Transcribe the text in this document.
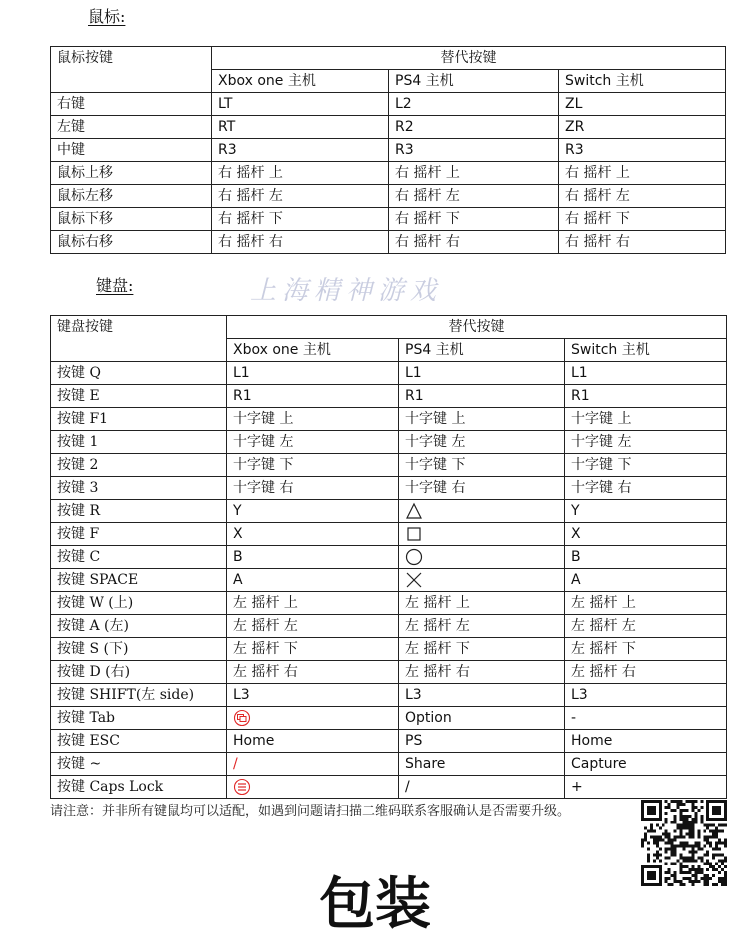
鼠标:
鼠标按键	替代按键		
	Xbox one 主机	PS4 主机	Switch 主机
右键	LT	L2	ZL
左键	RT	R2	ZR
中键	R3	R3	R3
鼠标上移	右 摇杆 上	右 摇杆 上	右 摇杆 上
鼠标左移	右 摇杆 左	右 摇杆 左	右 摇杆 左
鼠标下移	右 摇杆 下	右 摇杆 下	右 摇杆 下
鼠标右移	右 摇杆 右	右 摇杆 右	右 摇杆 右
上海精神游戏
键盘:
键盘按键	替代按键		
	Xbox one 主机	PS4 主机	Switch 主机
按键 Q	L1	L1	L1
按键 E	R1	R1	R1
按键 F1	十字键 上	十字键 上	十字键 上
按键 1	十字键 左	十字键 左	十字键 左
按键 2	十字键 下	十字键 下	十字键 下
按键 3	十字键 右	十字键 右	十字键 右
按键 R	Y		Y
按键 F	X		X
按键 C	B		B
按键 SPACE	A		A
按键 W (上)	左 摇杆 上	左 摇杆 上	左 摇杆 上
按键 A (左)	左 摇杆 左	左 摇杆 左	左 摇杆 左
按键 S (下)	左 摇杆 下	左 摇杆 下	左 摇杆 下
按键 D (右)	左 摇杆 右	左 摇杆 右	左 摇杆 右
按键 SHIFT(左 side)	L3	L3	L3
按键 Tab		Option	-
按键 ESC	Home	PS	Home
按键 ~	/	Share	Capture
按键 Caps Lock		/	+
请注意：并非所有键鼠均可以适配，如遇到问题请扫描二维码联系客服确认是否需要升级。
包装
